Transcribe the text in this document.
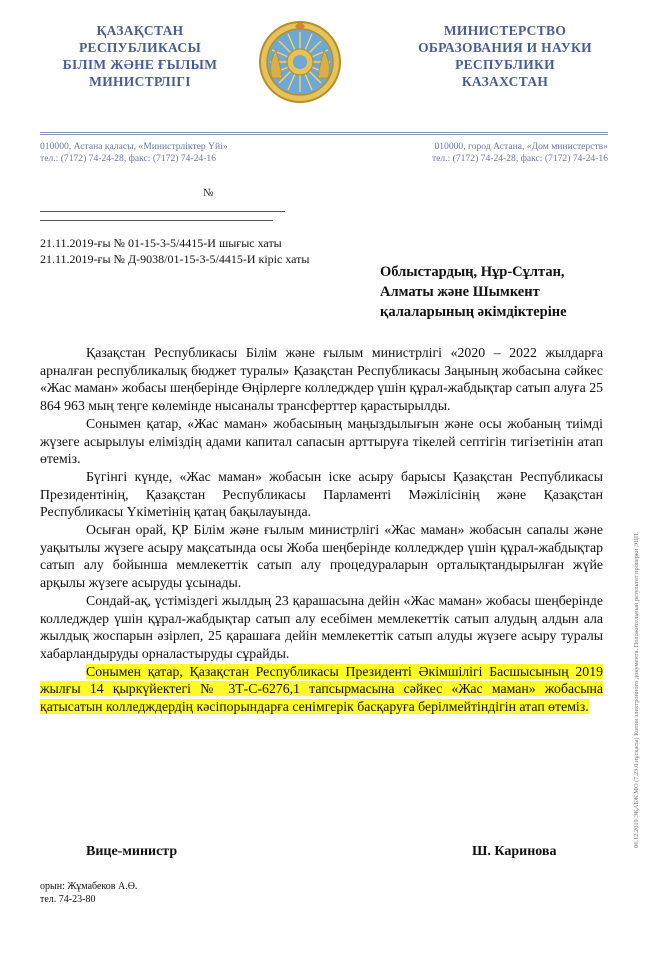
ҚАЗАҚСТАН
РЕСПУБЛИКАСЫ
БІЛІМ ЖӘНЕ ҒЫЛЫМ
МИНИСТРЛІГІ
МИНИСТЕРСТВО
ОБРАЗОВАНИЯ И НАУКИ
РЕСПУБЛИКИ
КАЗАХСТАН
010000, Астана қаласы, «Министрліктер Үйі»
тел.: (7172) 74-24-28, факс: (7172) 74-24-16
010000, город Астана, «Дом министерств»
тел.: (7172) 74-24-28, факс: (7172) 74-24-16
№
21.11.2019-ғы № 01-15-3-5/4415-И шығыс хаты
21.11.2019-ғы № Д-9038/01-15-3-5/4415-И кіріс хаты
Облыстардың, Нұр-Сұлтан,
Алматы және Шымкент
қалаларының әкімдіктеріне

Қазақстан Республикасы Білім және ғылым министрлігі «2020 – 2022 жылдарға арналған республикалық бюджет туралы» Қазақстан Республикасы Заңының жобасына сәйкес «Жас маман» жобасы шеңберінде Өңірлерге колледждер үшін құрал-жабдықтар сатып алуға 25 864 963 мың теңге көлемінде нысаналы трансферттер қарастырылды.

Сонымен қатар, «Жас маман» жобасының маңыздылығын және осы жобаның тиімді жүзеге асырылуы еліміздің адами капитал сапасын арттыруға тікелей септігін тигізетінін атап өтеміз.

Бүгінгі күнде, «Жас маман» жобасын іске асыру барысы Қазақстан Республикасы Президентінің, Қазақстан Республикасы Парламенті Мәжілісінің және Қазақстан Республикасы Үкіметінің қатаң бақылауында.

Осыған орай, ҚР Білім және ғылым министрлігі «Жас маман» жобасын сапалы және уақытылы жүзеге асыру мақсатында осы Жоба шеңберінде колледждер үшін құрал-жабдықтар сатып алу бойынша мемлекеттік сатып алу процедураларын орталықтандырылған жүйе арқылы жүзеге асыруды ұсынады.

Сондай-ақ, үстіміздегі жылдың 23 қарашасына дейін «Жас маман» жобасы шеңберінде колледждер үшін құрал-жабдықтар сатып алу есебімен мемлекеттік сатып алудың алдын ала жылдық жоспарын әзірлеп, 25 қарашаға дейін мемлекеттік сатып алуды жүзеге асыру туралы хабарландыруды орналастыруды сұрайды.

Сонымен қатар, Қазақстан Республикасы Президенті Әкімшілігі Басшысының 2019 жылғы 14 қыркүйектегі № 3Т-С-6276,1 тапсырмасына сәйкес «Жас маман» жобасына қатысатын колледждердің кәсіпорындарға сенімгерік басқаруға берілмейтіндігін атап өтеміз.

Вице-министр	Ш. Каринова
орын: Жұмабеков А.Ө.
тел. 74-23-80
06.12.2019 ЭҚАБЖ МО (7.23.0 нұсқасы) Копия электронного документа. Положительный результат проверки ЭЦП.
